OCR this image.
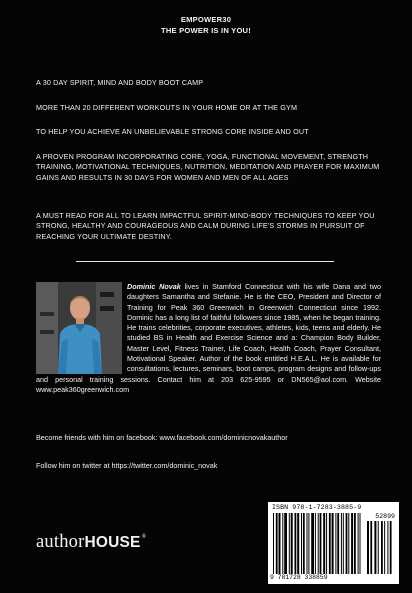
EMPOWER30
THE POWER IS IN YOU!
A 30 DAY SPIRIT, MIND AND BODY BOOT CAMP
MORE THAN 20 DIFFERENT WORKOUTS IN YOUR HOME OR AT THE GYM
TO HELP YOU ACHIEVE AN UNBELIEVABLE STRONG CORE INSIDE AND OUT
A PROVEN PROGRAM INCORPORATING CORE, YOGA, FUNCTIONAL MOVEMENT, STRENGTH TRAINING, MOTIVATIONAL TECHNIQUES, NUTRITION, MEDITATION AND PRAYER FOR MAXIMUM GAINS AND RESULTS IN 30 DAYS FOR WOMEN AND MEN OF ALL AGES
A MUST READ FOR ALL TO LEARN IMPACTFUL SPIRIT-MIND-BODY TECHNIQUES TO KEEP YOU STRONG, HEALTHY AND COURAGEOUS AND CALM DURING LIFE'S STORMS IN PURSUIT OF REACHING YOUR ULTIMATE DESTINY.
Dominic Novak lives in Stamford Connecticut with his wife Dana and two daughters Samantha and Stefanie. He is the CEO, President and Director of Training for Peak 360 Greenwich in Greenwich Connecticut since 1992. Dominic has a long list of faithful followers since 1985, when he began training. He trains celebrities, corporate executives, athletes, kids, teens and elderly. He studied BS in Health and Exercise Science and a: Champion Body Builder, Master Level, Fitness Trainer, Life Coach, Health Coach, Prayer Consultant, Motivational Speaker. Author of the book entitled H.E.A.L. He is available for consultations, lectures, seminars, boot camps, program designs and follow-ups and personal training sessions. Contact him at 203 625-9595 or DN565@aol.com. Website www.peak360greenwich.com
Become friends with him on facebook: www.facebook.com/dominicnovakauthor
Follow him on twitter at https://twitter.com/dominic_novak
authorHOUSE®
ISBN 978-1-7283-3885-9
52899
9 781728 338859
